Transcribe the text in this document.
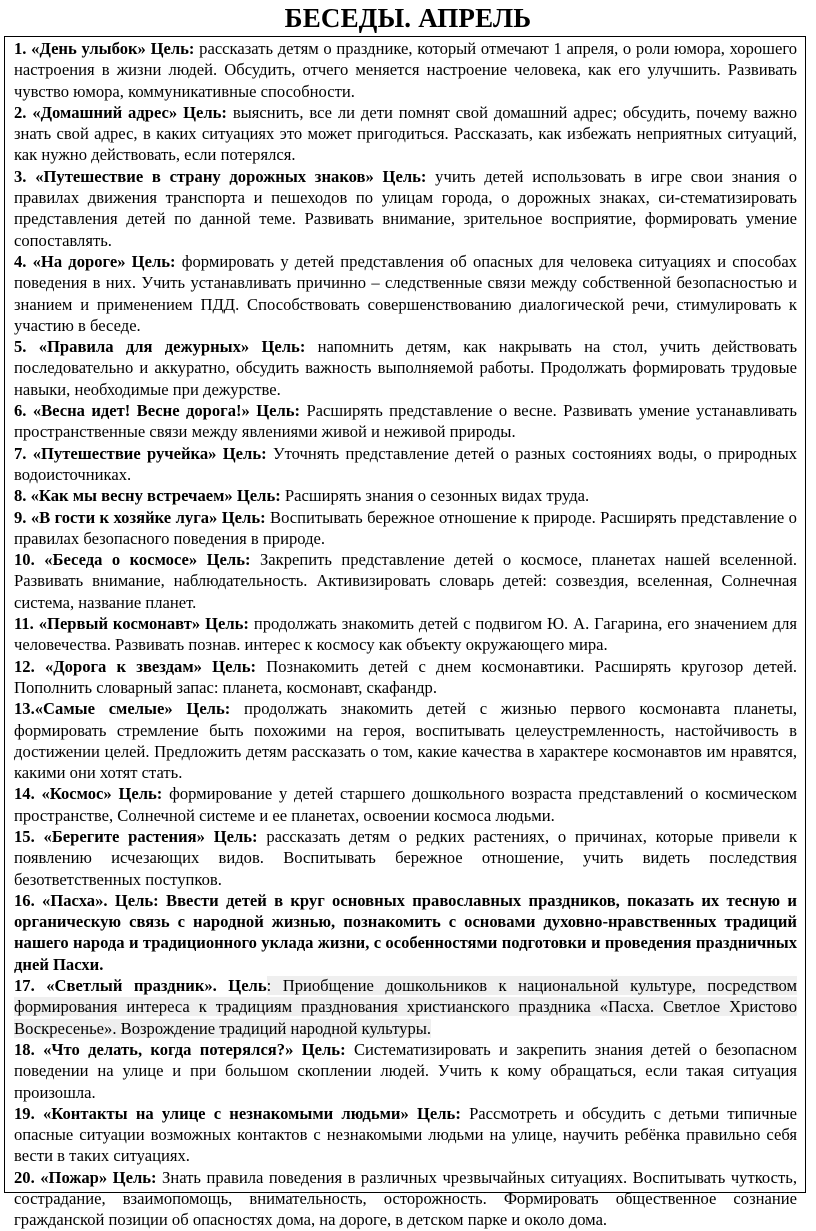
БЕСЕДЫ. АПРЕЛЬ

1. «День улыбок» Цель: рассказать детям о празднике, который отмечают 1 апреля, о роли юмора, хорошего настроения в жизни людей. Обсудить, отчего меняется настроение человека, как его улучшить. Развивать чувство юмора, коммуникативные способности.

2. «Домашний адрес» Цель: выяснить, все ли дети помнят свой домашний адрес; обсудить, почему важно знать свой адрес, в каких ситуациях это может пригодиться. Рассказать, как избежать неприятных ситуаций, как нужно действовать, если потерялся.

3. «Путешествие в страну дорожных знаков» Цель: учить детей использовать в игре свои знания о правилах движения транспорта и пешеходов по улицам города, о дорожных знаках, си-стематизировать представления детей по данной теме. Развивать внимание, зрительное восприятие, формировать умение сопоставлять.

4. «На дороге» Цель: формировать у детей представления об опасных для человека ситуациях и способах поведения в них. Учить устанавливать причинно – следственные связи между собственной безопасностью и знанием и применением ПДД. Способствовать совершенствованию диалогической речи, стимулировать к участию в беседе.

5. «Правила для дежурных» Цель: напомнить детям, как накрывать на стол, учить действовать последовательно и аккуратно, обсудить важность выполняемой работы. Продолжать формировать трудовые навыки, необходимые при дежурстве.

6. «Весна идет! Весне дорога!» Цель: Расширять представление о весне. Развивать умение устанавливать пространственные связи между явлениями живой и неживой природы.

7. «Путешествие ручейка» Цель: Уточнять представление детей о разных состояниях воды, о природных водоисточниках.

8. «Как мы весну встречаем» Цель: Расширять знания о сезонных видах труда.

9. «В гости к хозяйке луга» Цель: Воспитывать бережное отношение к природе. Расширять представление о правилах безопасного поведения в природе.

10. «Беседа о космосе» Цель: Закрепить представление детей о космосе, планетах нашей вселенной. Развивать внимание, наблюдательность. Активизировать словарь детей: созвездия, вселенная, Солнечная система, название планет.

11. «Первый космонавт» Цель: продолжать знакомить детей с подвигом Ю. А. Гагарина, его значением для человечества. Развивать познав. интерес к космосу как объекту окружающего мира.

12. «Дорога к звездам» Цель: Познакомить детей с днем космонавтики. Расширять кругозор детей. Пополнить словарный запас: планета, космонавт, скафандр.

13.«Самые смелые» Цель: продолжать знакомить детей с жизнью первого космонавта планеты, формировать стремление быть похожими на героя, воспитывать целеустремленность, настойчивость в достижении целей. Предложить детям рассказать о том, какие качества в характере космонавтов им нравятся, какими они хотят стать.

14. «Космос» Цель: формирование у детей старшего дошкольного возраста представлений о космическом пространстве, Солнечной системе и ее планетах, освоении космоса людьми.

15. «Берегите растения» Цель: рассказать детям о редких растениях, о причинах, которые привели к появлению исчезающих видов. Воспитывать бережное отношение, учить видеть последствия безответственных поступков.

16. «Пасха». Цель: Ввести детей в круг основных православных праздников, показать их тесную и органическую связь с народной жизнью, познакомить с основами духовно-нравственных традиций нашего народа и традиционного уклада жизни, с особенностями подготовки и проведения праздничных дней Пасхи.

17. «Светлый праздник». Цель: Приобщение дошкольников к национальной культуре, посредством формирования интереса к традициям празднования христианского праздника «Пасха. Светлое Христово Воскресенье». Возрождение традиций народной культуры.

18. «Что делать, когда потерялся?» Цель: Систематизировать и закрепить знания детей о безопасном поведении на улице и при большом скоплении людей. Учить к кому обращаться, если такая ситуация произошла.

19. «Контакты на улице с незнакомыми людьми» Цель: Рассмотреть и обсудить с детьми типичные опасные ситуации возможных контактов с незнакомыми людьми на улице, научить ребёнка правильно себя вести в таких ситуациях.

20. «Пожар» Цель: Знать правила поведения в различных чрезвычайных ситуациях. Воспитывать чуткость, сострадание, взаимопомощь, внимательность, осторожность. Формировать общественное сознание гражданской позиции об опасностях дома, на дороге, в детском парке и около дома.
